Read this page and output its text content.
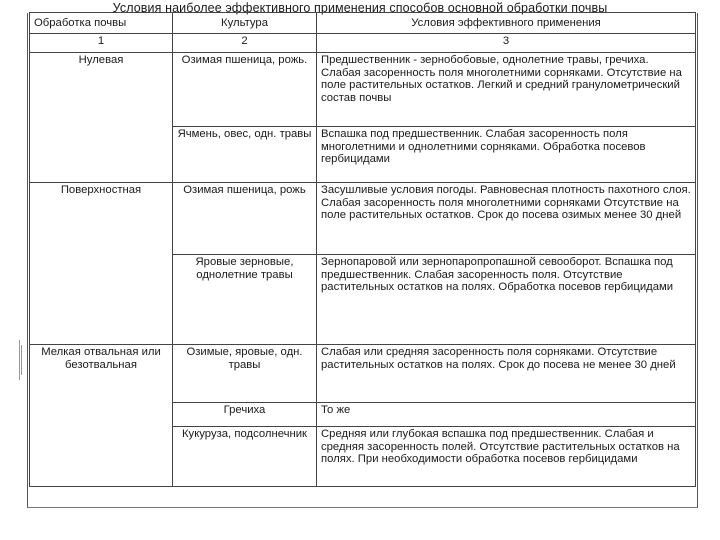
Условия наиболее эффективного применения способов основной обработки почвы
Обработка почвы	Культура	Условия эффективного применения
1	2	3
Нулевая	Озимая пшеница, рожь.	Предшественник - зернобобовые, однолетние травы, гречиха. Слабая засоренность поля многолетними сорняками. Отсутствие на поле растительных остатков. Легкий и средний гранулометрический состав почвы
	Ячмень, овес, одн. травы	Вспашка под предшественник. Слабая засоренность поля многолетними и однолетними сорняками. Обработка посевов гербицидами
Поверхностная	Озимая пшеница, рожь	Засушливые условия погоды. Равновесная плотность пахотного слоя. Слабая засоренность поля многолетними сорняками Отсутствие на поле растительных остатков. Срок до посева озимых менее 30 дней
	Яровые зерновые, однолетние травы	Зернопаровой или зернопаропропашной севооборот. Вспашка под предшественник. Слабая засоренность поля. Отсутствие растительных остатков на полях. Обработка посевов гербицидами
Мелкая отвальная или безотвальная	Озимые, яровые, одн. травы	Слабая или средняя засоренность поля сорняками. Отсутствие растительных остатков на полях. Срок до посева не менее 30 дней
	Гречиха	То же
	Кукуруза, подсолнечник	Средняя или глубокая вспашка под предшественник. Слабая и средняя засоренность полей. Отсутствие растительных остатков на полях. При необходимости обработка посевов гербицидами
